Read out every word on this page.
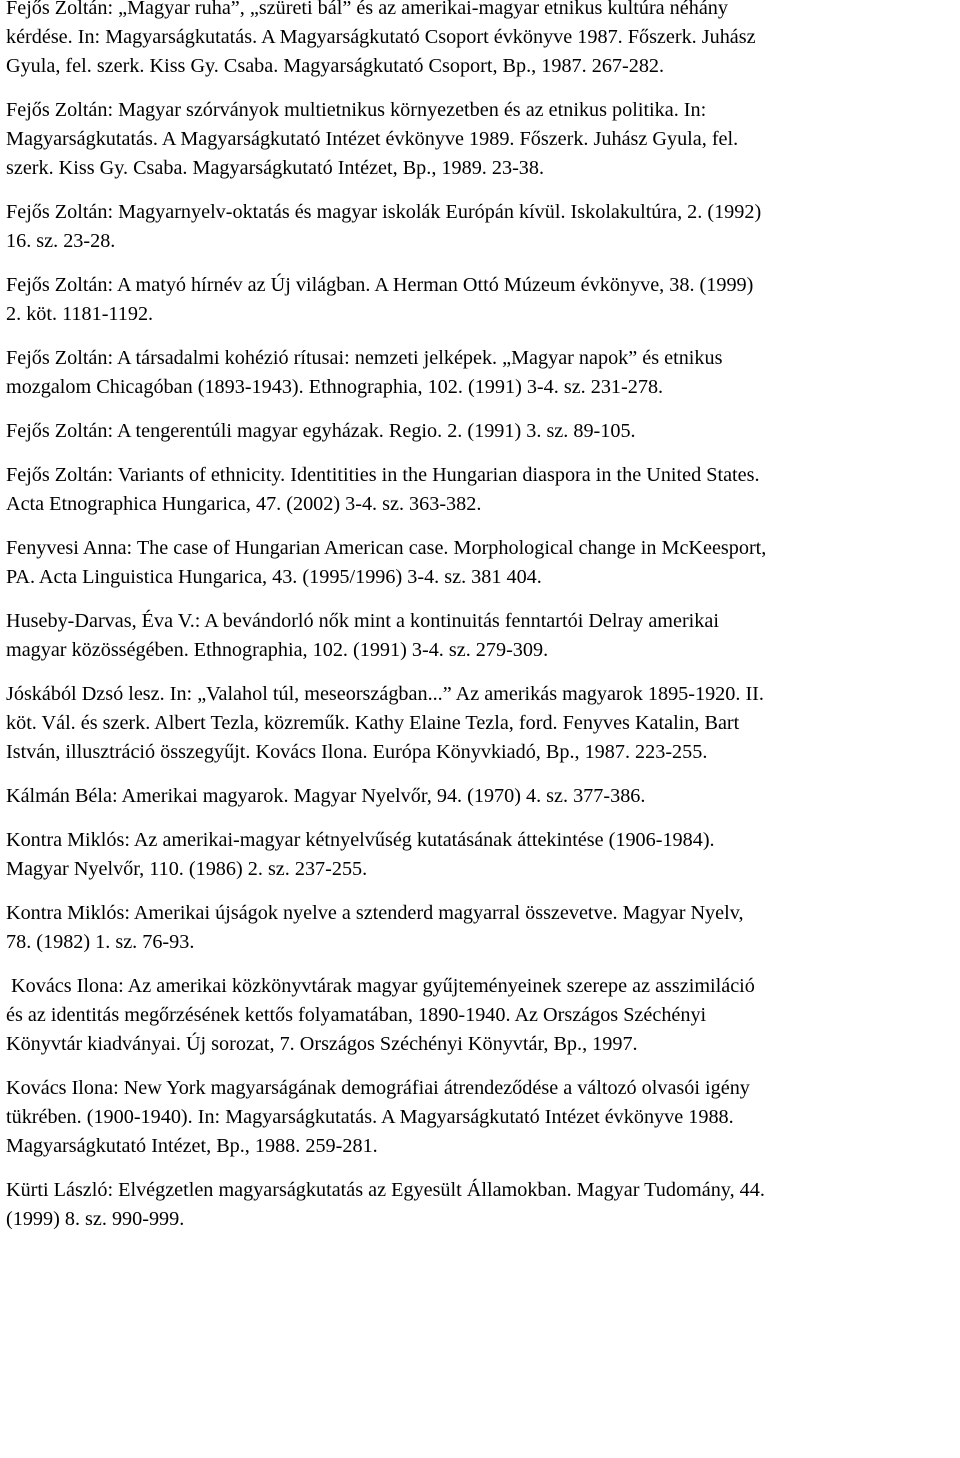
Fejős Zoltán: „Magyar ruha”, „szüreti bál” és az amerikai-magyar etnikus kultúra néhány
kérdése. In: Magyarságkutatás. A Magyarságkutató Csoport évkönyve 1987. Főszerk. Juhász
Gyula, fel. szerk. Kiss Gy. Csaba. Magyarságkutató Csoport, Bp., 1987. 267-282.
Fejős Zoltán: Magyar szórványok multietnikus környezetben és az etnikus politika. In:
Magyarságkutatás. A Magyarságkutató Intézet évkönyve 1989. Főszerk. Juhász Gyula, fel.
szerk. Kiss Gy. Csaba. Magyarságkutató Intézet, Bp., 1989. 23-38.
Fejős Zoltán: Magyarnyelv-oktatás és magyar iskolák Európán kívül. Iskolakultúra, 2. (1992)
16. sz. 23-28.
Fejős Zoltán: A matyó hírnév az Új világban. A Herman Ottó Múzeum évkönyve, 38. (1999)
2. köt. 1181-1192.
Fejős Zoltán: A társadalmi kohézió rítusai: nemzeti jelképek. „Magyar napok” és etnikus
mozgalom Chicagóban (1893-1943). Ethnographia, 102. (1991) 3-4. sz. 231-278.
Fejős Zoltán: A tengerentúli magyar egyházak. Regio. 2. (1991) 3. sz. 89-105.
Fejős Zoltán: Variants of ethnicity. Identitities in the Hungarian diaspora in the United States.
Acta Etnographica Hungarica, 47. (2002) 3-4. sz. 363-382.
Fenyvesi Anna: The case of Hungarian American case. Morphological change in McKeesport,
PA. Acta Linguistica Hungarica, 43. (1995/1996) 3-4. sz. 381 404.
Huseby-Darvas, Éva V.: A bevándorló nők mint a kontinuitás fenntartói Delray amerikai
magyar közösségében. Ethnographia, 102. (1991) 3-4. sz. 279-309.
Jóskából Dzsó lesz. In: „Valahol túl, meseországban...” Az amerikás magyarok 1895-1920. II.
köt. Vál. és szerk. Albert Tezla, közreműk. Kathy Elaine Tezla, ford. Fenyves Katalin, Bart
István, illusztráció összegyűjt. Kovács Ilona. Európa Könyvkiadó, Bp., 1987. 223-255.
Kálmán Béla: Amerikai magyarok. Magyar Nyelvőr, 94. (1970) 4. sz. 377-386.
Kontra Miklós: Az amerikai-magyar kétnyelvűség kutatásának áttekintése (1906-1984).
Magyar Nyelvőr, 110. (1986) 2. sz. 237-255.
Kontra Miklós: Amerikai újságok nyelve a sztenderd magyarral összevetve. Magyar Nyelv,
78. (1982) 1. sz. 76-93.
Kovács Ilona: Az amerikai közkönyvtárak magyar gyűjteményeinek szerepe az asszimiláció
és az identitás megőrzésének kettős folyamatában, 1890-1940. Az Országos Széchényi
Könyvtár kiadványai. Új sorozat, 7. Országos Széchényi Könyvtár, Bp., 1997.
Kovács Ilona: New York magyarságának demográfiai átrendeződése a változó olvasói igény
tükrében. (1900-1940). In: Magyarságkutatás. A Magyarságkutató Intézet évkönyve 1988.
Magyarságkutató Intézet, Bp., 1988. 259-281.
Kürti László: Elvégzetlen magyarságkutatás az Egyesült Államokban. Magyar Tudomány, 44.
(1999) 8. sz. 990-999.
